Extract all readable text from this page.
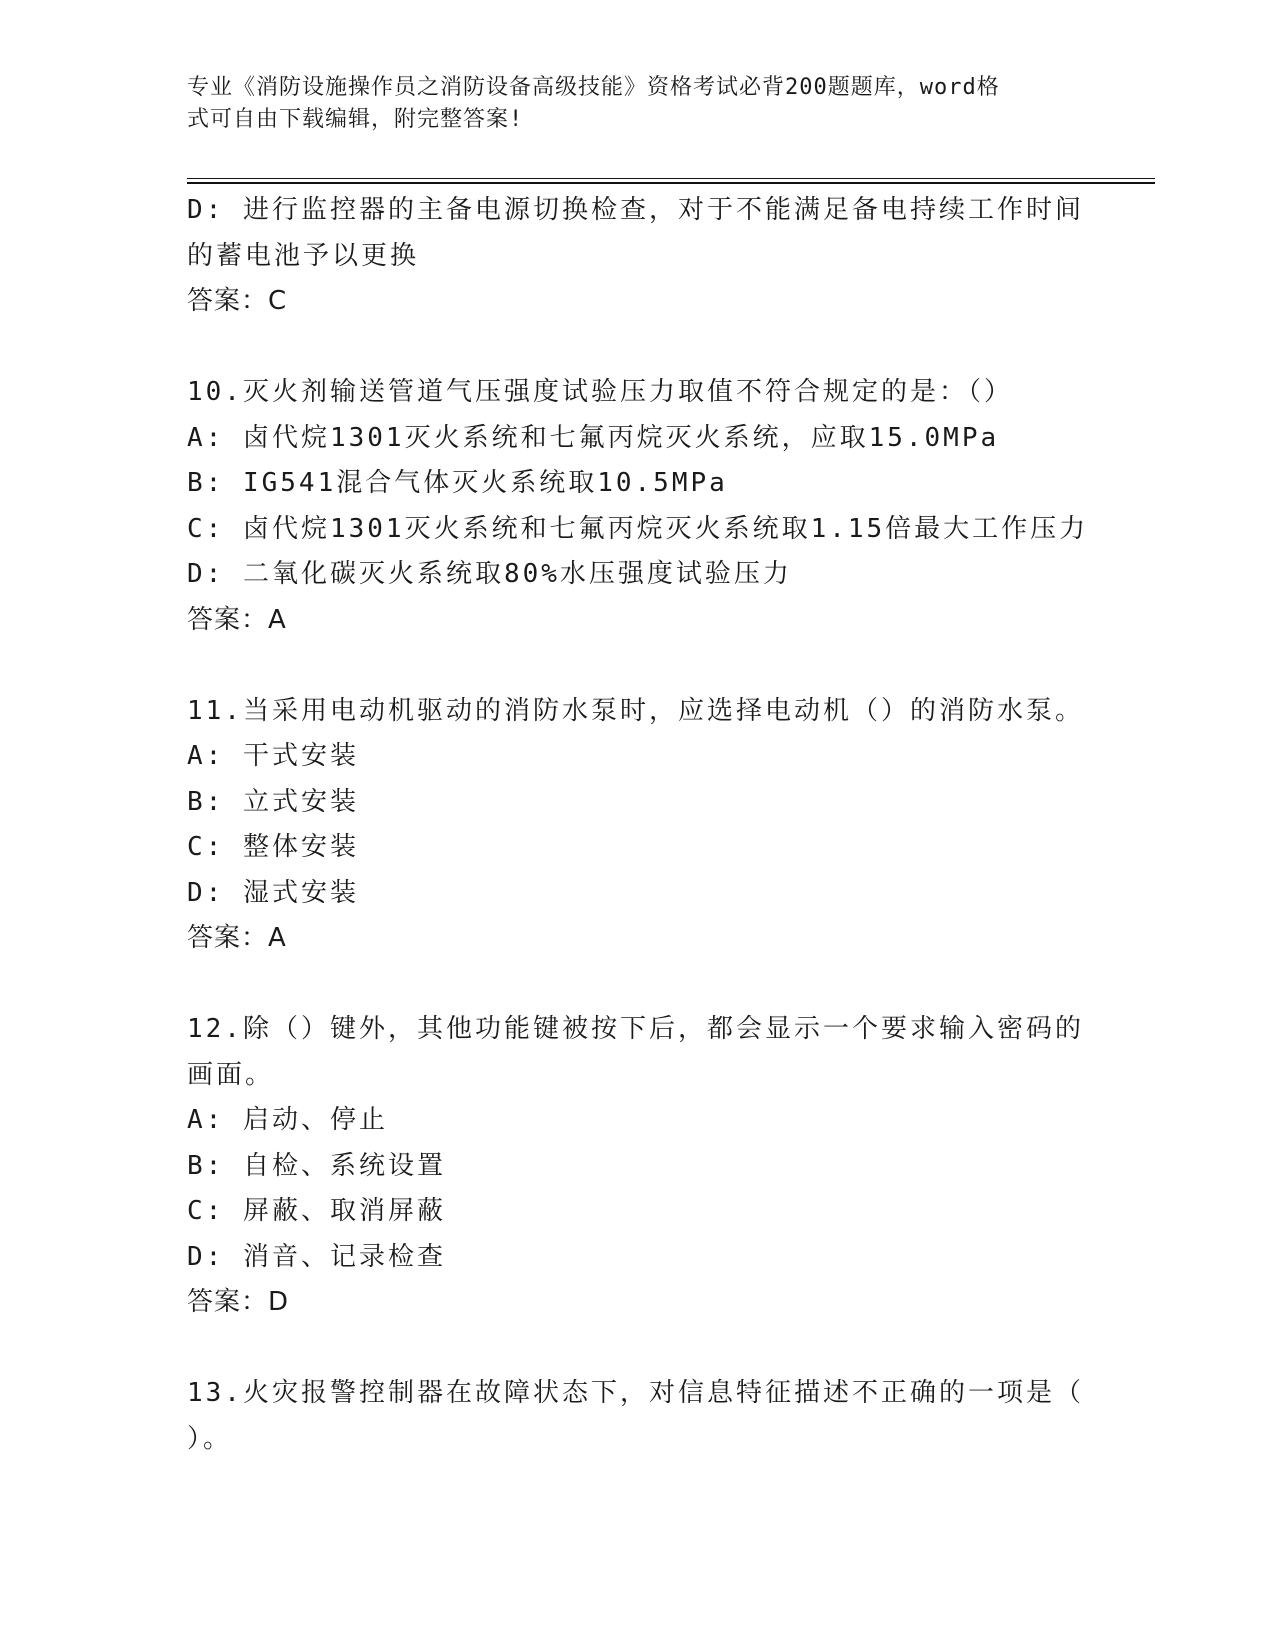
专业《消防设施操作员之消防设备高级技能》资格考试必背200题题库，word格
式可自由下载编辑，附完整答案!
D: 进行监控器的主备电源切换检查，对于不能满足备电持续工作时间
的蓄电池予以更换
答案：C
10.灭火剂输送管道气压强度试验压力取值不符合规定的是：（）
A: 卤代烷1301灭火系统和七氟丙烷灭火系统，应取15.0MPa
B: IG541混合气体灭火系统取10.5MPa
C: 卤代烷1301灭火系统和七氟丙烷灭火系统取1.15倍最大工作压力
D: 二氧化碳灭火系统取80%水压强度试验压力
答案：A
11.当采用电动机驱动的消防水泵时，应选择电动机（）的消防水泵。
A: 干式安装
B: 立式安装
C: 整体安装
D: 湿式安装
答案：A
12.除（）键外，其他功能键被按下后，都会显示一个要求输入密码的
画面。
A: 启动、停止
B: 自检、系统设置
C: 屏蔽、取消屏蔽
D: 消音、记录检查
答案：D
13.火灾报警控制器在故障状态下，对信息特征描述不正确的一项是（
）。
